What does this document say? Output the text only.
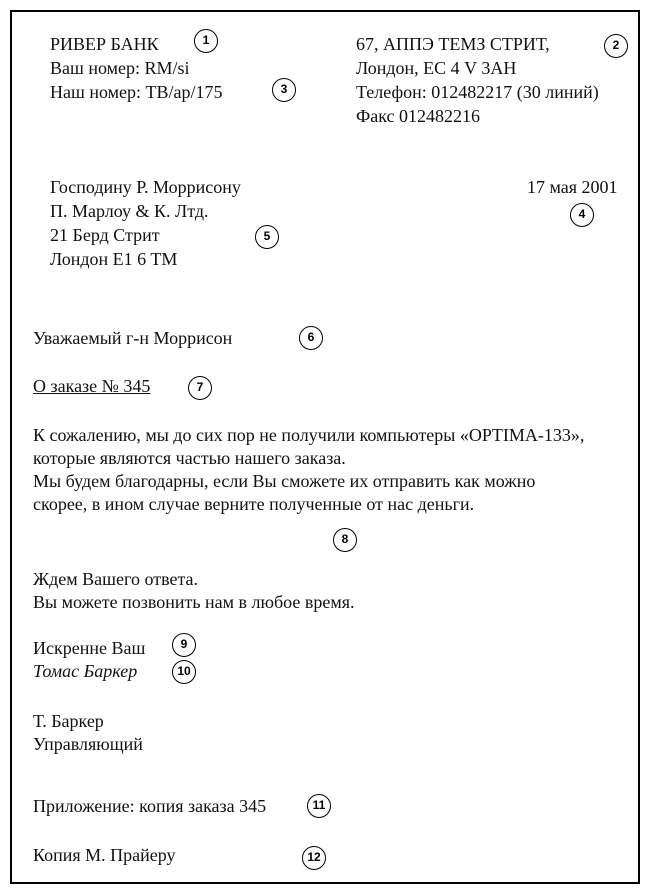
РИВЕР БАНК

Ваш номер: RM/si

Наш номер: TB/ap/175

67, АППЭ ТЕМЗ СТРИТ,

Лондон, ЕС 4 V 3AH

Телефон: 012482217 (30 линий)

Факс 012482216

Господину Р. Моррисону

П. Марлоу & К. Лтд.

21 Берд Стрит

Лондон E1 6 TM

17 мая 2001

Уважаемый г-н Моррисон

О заказе № 345

К сожалению, мы до сих пор не получили компьютеры «OPTIMA-133»,

которые являются частью нашего заказа.

Мы будем благодарны, если Вы сможете их отправить как можно

скорее, в ином случае верните полученные от нас деньги.

Ждем Вашего ответа.

Вы можете позвонить нам в любое время.

Искренне Ваш

Томас Баркер

Т. Баркер

Управляющий

Приложение: копия заказа 345

Копия М. Прайеру

1	2
3
4
5
6
7
8
9
10
11
12
